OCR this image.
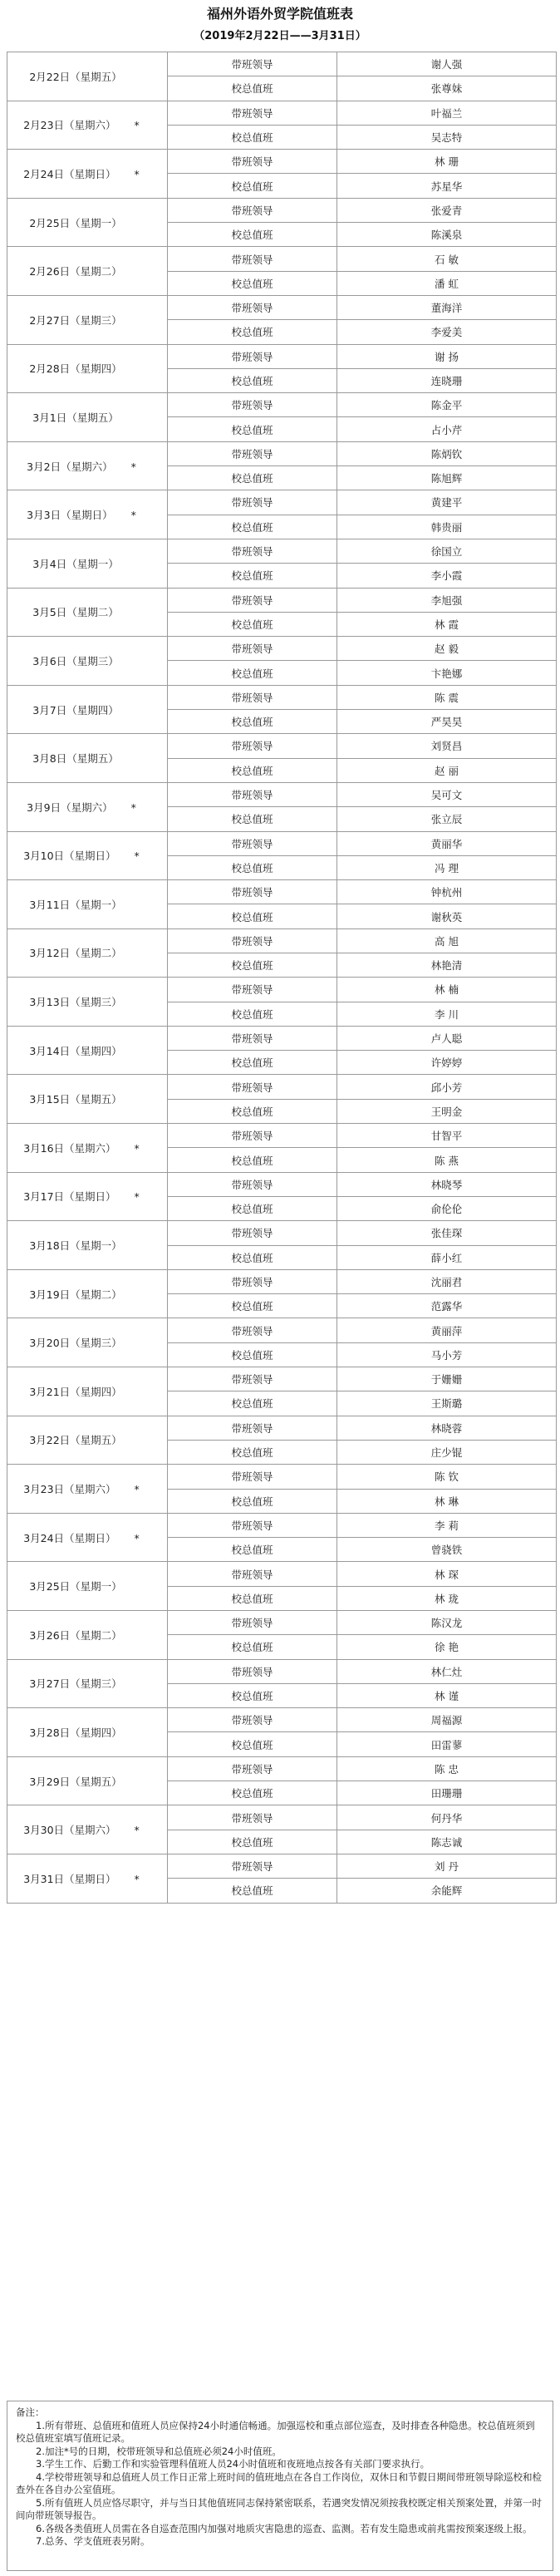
福州外语外贸学院值班表
（2019年2月22日——3月31日）
2月22日（星期五）	带班领导	谢人强
	校总值班	张尊妹
2月23日（星期六） *	带班领导	叶福兰
	校总值班	吴志特
2月24日（星期日） *	带班领导	林 珊
	校总值班	苏星华
2月25日（星期一）	带班领导	张爱青
	校总值班	陈溪泉
2月26日（星期二）	带班领导	石 敏
	校总值班	潘 虹
2月27日（星期三）	带班领导	董海洋
	校总值班	李爱美
2月28日（星期四）	带班领导	谢 扬
	校总值班	连晓珊
3月1日（星期五）	带班领导	陈金平
	校总值班	占小芹
3月2日（星期六） *	带班领导	陈炳钦
	校总值班	陈旭辉
3月3日（星期日） *	带班领导	黄建平
	校总值班	韩贵丽
3月4日（星期一）	带班领导	徐国立
	校总值班	李小霞
3月5日（星期二）	带班领导	李旭强
	校总值班	林 霞
3月6日（星期三）	带班领导	赵 毅
	校总值班	卞艳娜
3月7日（星期四）	带班领导	陈 震
	校总值班	严昊昊
3月8日（星期五）	带班领导	刘贤昌
	校总值班	赵 丽
3月9日（星期六） *	带班领导	吴可文
	校总值班	张立辰
3月10日（星期日） *	带班领导	黄丽华
	校总值班	冯 理
3月11日（星期一）	带班领导	钟杭州
	校总值班	谢秋英
3月12日（星期二）	带班领导	高 旭
	校总值班	林艳清
3月13日（星期三）	带班领导	林 楠
	校总值班	李 川
3月14日（星期四）	带班领导	卢人聪
	校总值班	许婷婷
3月15日（星期五）	带班领导	邱小芳
	校总值班	王明金
3月16日（星期六） *	带班领导	甘智平
	校总值班	陈 燕
3月17日（星期日） *	带班领导	林晓琴
	校总值班	俞伦伦
3月18日（星期一）	带班领导	张佳琛
	校总值班	薛小红
3月19日（星期二）	带班领导	沈丽君
	校总值班	范露华
3月20日（星期三）	带班领导	黄丽萍
	校总值班	马小芳
3月21日（星期四）	带班领导	于姗姗
	校总值班	王斯璐
3月22日（星期五）	带班领导	林晓蓉
	校总值班	庄少锟
3月23日（星期六） *	带班领导	陈 钦
	校总值班	林 琳
3月24日（星期日） *	带班领导	李 莉
	校总值班	曾骁铁
3月25日（星期一）	带班领导	林 琛
	校总值班	林 珑
3月26日（星期二）	带班领导	陈汉龙
	校总值班	徐 艳
3月27日（星期三）	带班领导	林仁灶
	校总值班	林 谨
3月28日（星期四）	带班领导	周福源
	校总值班	田雷蓼
3月29日（星期五）	带班领导	陈 忠
	校总值班	田珊珊
3月30日（星期六） *	带班领导	何丹华
	校总值班	陈志诚
3月31日（星期日） *	带班领导	刘 丹
	校总值班	余能辉

备注：

1.所有带班、总值班和值班人员应保持24小时通信畅通。加强巡校和重点部位巡查，及时排查各种隐患。校总值班须到校总值班室填写值班记录。

2.加注*号的日期，校带班领导和总值班必须24小时值班。

3.学生工作、后勤工作和实验管理科值班人员24小时值班和夜班地点按各有关部门要求执行。

4.学校带班领导和总值班人员工作日正常上班时间的值班地点在各自工作岗位，双休日和节假日期间带班领导除巡校和检查外在各自办公室值班。

5.所有值班人员应恪尽职守，并与当日其他值班同志保持紧密联系，若遇突发情况须按我校既定相关预案处置，并第一时间向带班领导报告。

6.各级各类值班人员需在各自巡查范围内加强对地质灾害隐患的巡查、监测。若有发生隐患或前兆需按预案逐级上报。

7.总务、学支值班表另附。
